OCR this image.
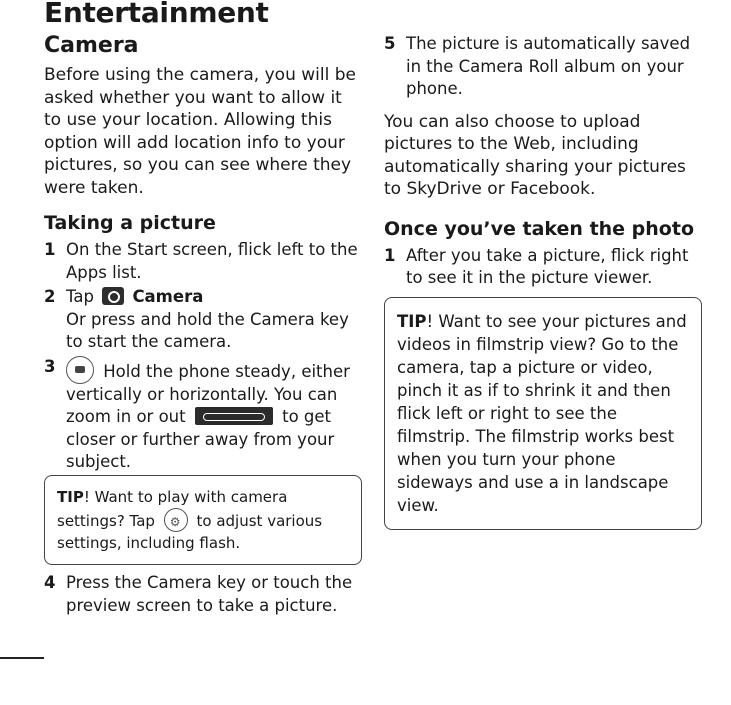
Entertainment
Camera

Before using the camera, you will be asked whether you want to allow it to use your location. Allowing this option will add location info to your pictures, so you can see where they were taken.

Taking a picture
1 On the Start screen, flick left to the Apps list.
2 Tap Camera
Or press and hold the Camera key to start the camera.
3	Hold the phone steady, either vertically or horizontally. You can zoom in or out	to get closer or further away from your subject.
TIP! Want to play with camera settings? Tap ⚙	to adjust various settings, including flash.
4 Press the Camera key or touch the preview screen to take a picture.
5 The picture is automatically saved in the Camera Roll album on your phone.

You can also choose to upload pictures to the Web, including automatically sharing your pictures to SkyDrive or Facebook.

Once you’ve taken the photo
1 After you take a picture, flick right to see it in the picture viewer.
TIP! Want to see your pictures and videos in filmstrip view? Go to the camera, tap a picture or video, pinch it as if to shrink it and then flick left or right to see the filmstrip. The filmstrip works best when you turn your phone sideways and use a in landscape view.
